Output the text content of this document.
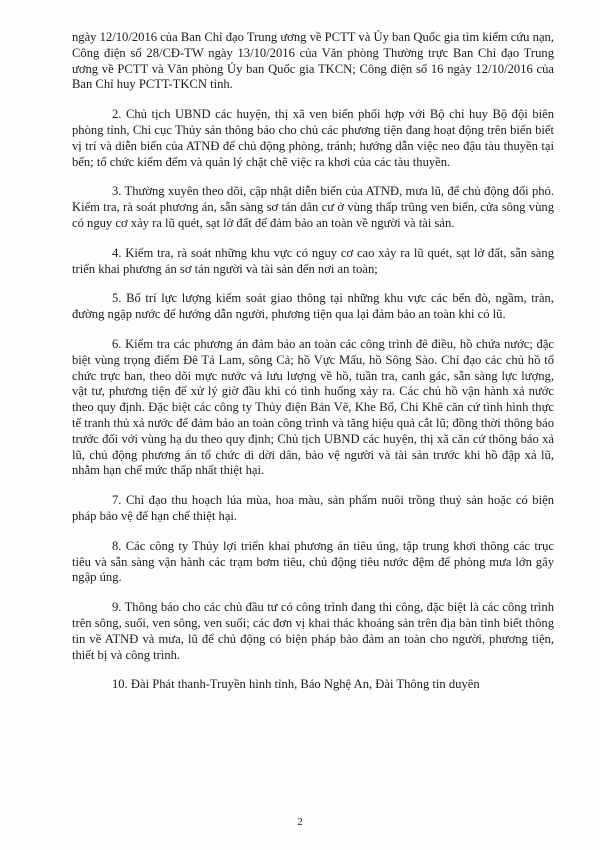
ngày 12/10/2016 của Ban Chỉ đạo Trung ương về PCTT và Ủy ban Quốc gia tìm kiếm cứu nạn, Công điện số 28/CĐ-TW ngày 13/10/2016 của Văn phòng Thường trực Ban Chỉ đạo Trung ương về PCTT và Văn phòng Ủy ban Quốc gia TKCN; Công điện số 16 ngày 12/10/2016 của Ban Chỉ huy PCTT-TKCN tỉnh.

2. Chủ tịch UBND các huyện, thị xã ven biển phối hợp với Bộ chỉ huy Bộ đội biên phòng tỉnh, Chi cục Thủy sản thông báo cho chủ các phương tiện đang hoạt động trên biển biết vị trí và diễn biến của ATNĐ để chủ động phòng, tránh; hướng dẫn việc neo đậu tàu thuyền tại bến; tổ chức kiểm đếm và quản lý chặt chẽ việc ra khơi của các tàu thuyền.

3. Thường xuyên theo dõi, cập nhật diễn biến của ATNĐ, mưa lũ, để chủ động đối phó. Kiểm tra, rà soát phương án, sẵn sàng sơ tán dân cư ở vùng thấp trũng ven biển, cửa sông vùng có nguy cơ xảy ra lũ quét, sạt lở đất để đảm bảo an toàn về người và tài sản.

4. Kiểm tra, rà soát những khu vực có nguy cơ cao xảy ra lũ quét, sạt lở đất, sẵn sàng triển khai phương án sơ tán người và tài sản đến nơi an toàn;

5. Bố trí lực lượng kiểm soát giao thông tại những khu vực các bến đò, ngầm, tràn, đường ngập nước để hướng dẫn người, phương tiện qua lại đảm bảo an toàn khi có lũ.

6. Kiểm tra các phương án đảm bảo an toàn các công trình đê điều, hồ chứa nước; đặc biệt vùng trọng điểm Đê Tả Lam, sông Cả; hồ Vực Mấu, hồ Sông Sào. Chỉ đạo các chủ hồ tổ chức trực ban, theo dõi mực nước và lưu lượng về hồ, tuần tra, canh gác, sẵn sàng lực lượng, vật tư, phương tiện để xử lý giờ đầu khi có tình huống xảy ra. Các chủ hồ vận hành xả nước theo quy định. Đặc biệt các công ty Thủy điện Bản Vẽ, Khe Bố, Chi Khê căn cứ tình hình thực tế tranh thủ xả nước để đảm bảo an toàn công trình và tăng hiệu quả cắt lũ; đồng thời thông báo trước đối với vùng hạ du theo quy định; Chủ tịch UBND các huyện, thị xã căn cứ thông báo xả lũ, chủ động phương án tổ chức di dời dân, bảo vệ người và tài sản trước khi hồ đập xả lũ, nhằm hạn chế mức thấp nhất thiệt hại.

7. Chỉ đạo thu hoạch lúa mùa, hoa màu, sản phẩm nuôi trồng thuỷ sản hoặc có biện pháp bảo vệ để hạn chế thiệt hại.

8. Các công ty Thủy lợi triển khai phương án tiêu úng, tập trung khơi thông các trục tiêu và sẵn sàng vận hành các trạm bơm tiêu, chủ động tiêu nước đệm để phòng mưa lớn gây ngập úng.

9. Thông báo cho các chủ đầu tư có công trình đang thi công, đặc biệt là các công trình trên sông, suối, ven sông, ven suối; các đơn vị khai thác khoáng sản trên địa bàn tỉnh biết thông tin về ATNĐ và mưa, lũ để chủ động có biện pháp bảo đảm an toàn cho người, phương tiện, thiết bị và công trình.

10. Đài Phát thanh-Truyền hình tỉnh, Báo Nghệ An, Đài Thông tin duyên

2
